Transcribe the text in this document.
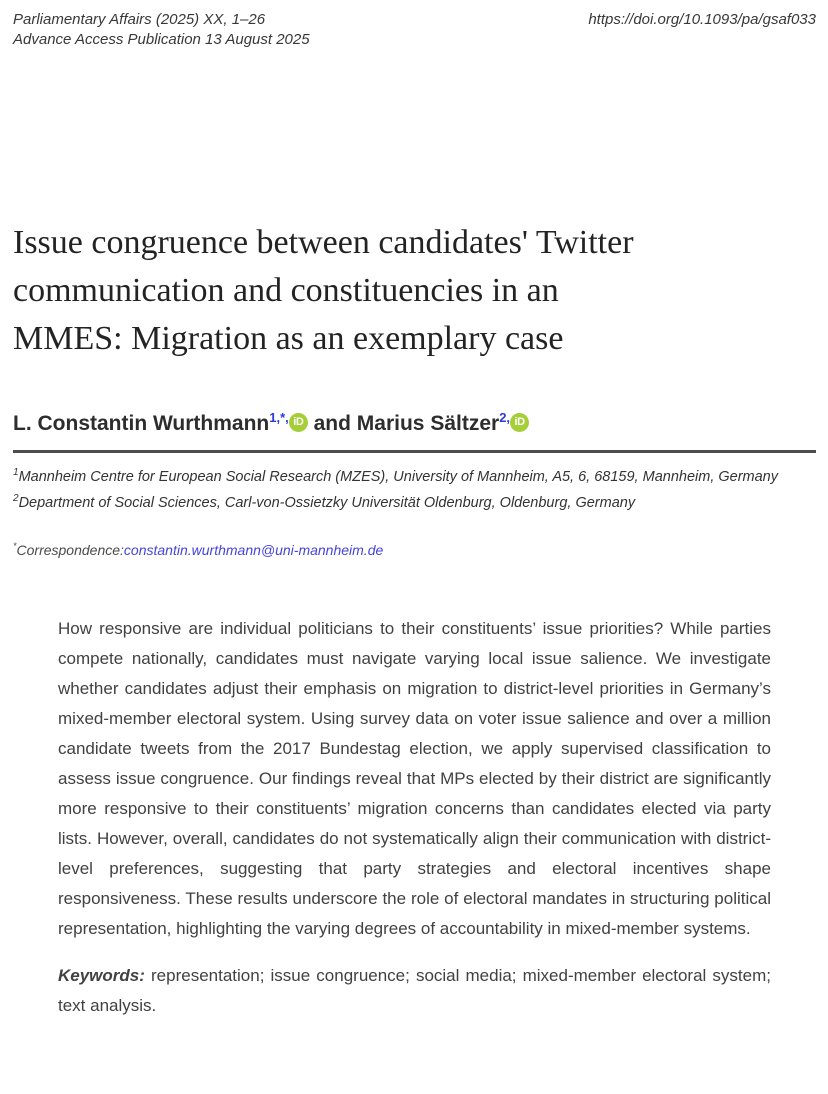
Parliamentary Affairs (2025) XX, 1–26
Advance Access Publication 13 August 2025
https://doi.org/10.1093/pa/gsaf033
Issue congruence between candidates' Twitter
communication and constituencies in an
MMES: Migration as an exemplary case
L. Constantin Wurthmann$^{1,*,}$ iD and Marius Sältzer$^{2,}$ iD
$^1$Mannheim Centre for European Social Research (MZES), University of Mannheim, A5, 6, 68159, Mannheim, Germany
$^2$Department of Social Sciences, Carl-von-Ossietzky Universität Oldenburg, Oldenburg, Germany
*Correspondence:constantin.wurthmann@uni-mannheim.de

How responsive are individual politicians to their constituents’ issue priorities? While parties compete nationally, candidates must navigate varying local issue salience. We investigate whether candidates adjust their emphasis on migration to district-level priorities in Germany’s mixed-member electoral system. Using survey data on voter issue salience and over a million candidate tweets from the 2017 Bundestag election, we apply supervised classification to assess issue congruence. Our findings reveal that MPs elected by their district are significantly more responsive to their constituents’ migration concerns than candidates elected via party lists. However, overall, candidates do not systematically align their communication with district-level preferences, suggesting that party strategies and electoral incentives shape responsiveness. These results underscore the role of electoral mandates in structuring political representation, highlighting the varying degrees of accountability in mixed-member systems.

Keywords: representation; issue congruence; social media; mixed-member electoral system; text analysis.
